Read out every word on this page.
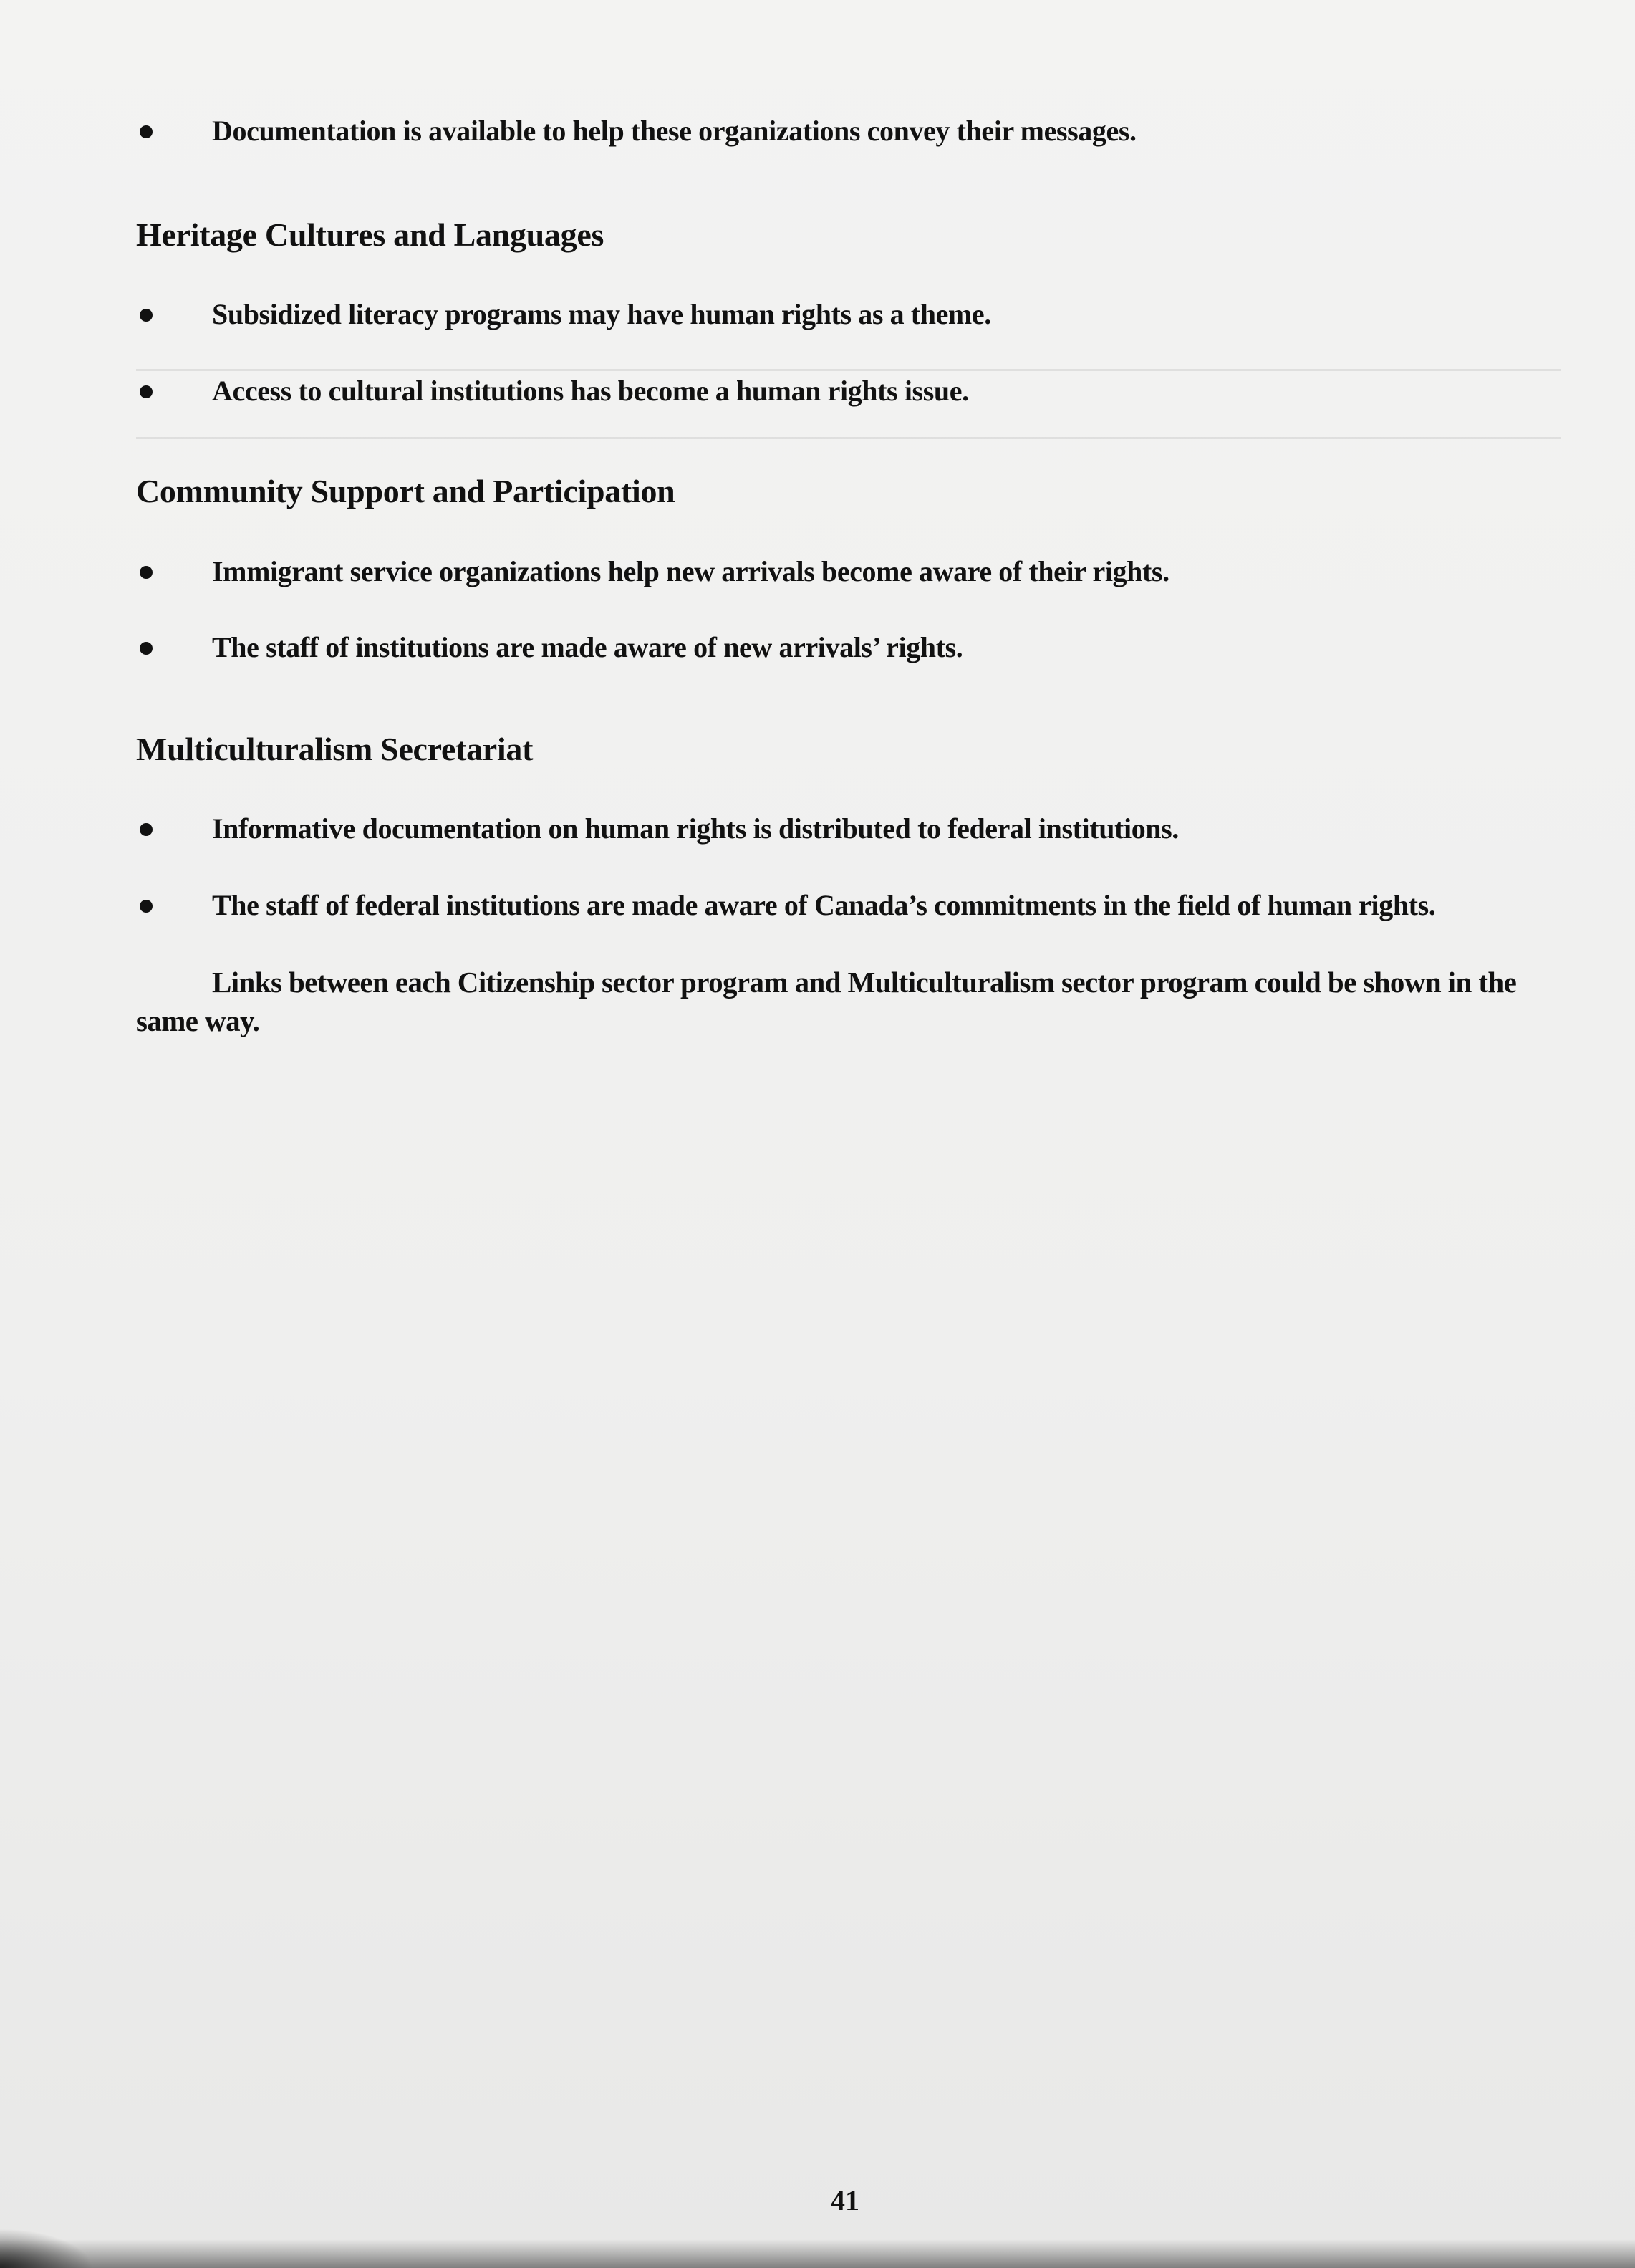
Documentation is available to help these organizations convey their messages.
Heritage Cultures and Languages
Subsidized literacy programs may have human rights as a theme.
Access to cultural institutions has become a human rights issue.
Community Support and Participation
Immigrant service organizations help new arrivals become aware of their rights.
The staff of institutions are made aware of new arrivals’ rights.
Multiculturalism Secretariat
Informative documentation on human rights is distributed to federal institutions.
The staff of federal institutions are made aware of Canada’s commitments in the field of human rights.
Links between each Citizenship sector program and Multiculturalism sector program could be shown in the same way.
41
